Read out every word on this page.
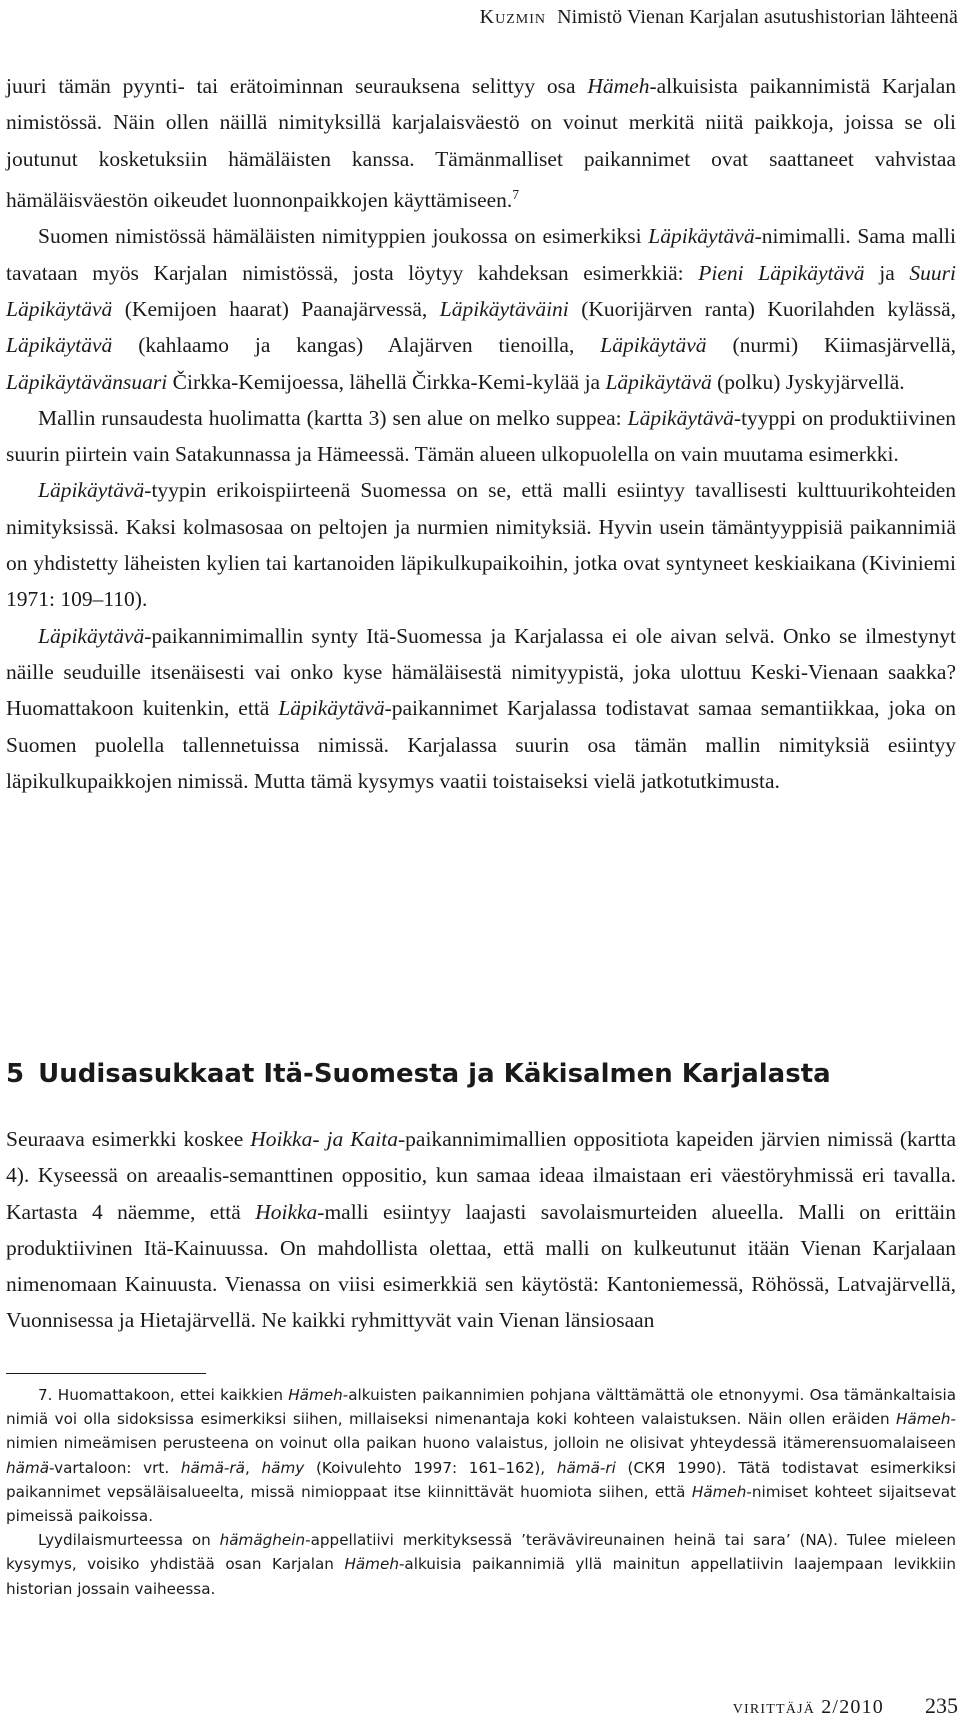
Kuzmin Nimistö Vienan Karjalan asutushistorian lähteenä

juuri tämän pyynti- tai erätoiminnan seurauksena selittyy osa Hämeh-alkuisista paikannimistä Karjalan nimistössä. Näin ollen näillä nimityksillä karjalaisväestö on voinut merkitä niitä paikkoja, joissa se oli joutunut kosketuksiin hämäläisten kanssa. Tämänmalliset paikannimet ovat saattaneet vahvistaa hämäläisväestön oikeudet luonnonpaikkojen käyttämiseen.$^7$

Suomen nimistössä hämäläisten nimityppien joukossa on esimerkiksi Läpikäytävä-nimimalli. Sama malli tavataan myös Karjalan nimistössä, josta löytyy kahdeksan esimerkkiä: Pieni Läpikäytävä ja Suuri Läpikäytävä (Kemijoen haarat) Paanajärvessä, Läpikäytäväini (Kuorijärven ranta) Kuorilahden kylässä, Läpikäytävä (kahlaamo ja kangas) Alajärven tienoilla, Läpikäytävä (nurmi) Kiimasjärvellä, Läpikäytävänsuari Čirkka-Kemijoessa, lähellä Čirkka-Kemi-kylää ja Läpikäytävä (polku) Jyskyjärvellä.

Mallin runsaudesta huolimatta (kartta 3) sen alue on melko suppea: Läpikäytävä-tyyppi on produktiivinen suurin piirtein vain Satakunnassa ja Hämeessä. Tämän alueen ulkopuolella on vain muutama esimerkki.

Läpikäytävä-tyypin erikoispiirteenä Suomessa on se, että malli esiintyy tavallisesti kulttuurikohteiden nimityksissä. Kaksi kolmasosaa on peltojen ja nurmien nimityksiä. Hyvin usein tämäntyyppisiä paikannimiä on yhdistetty läheisten kylien tai kartanoiden läpikulkupaikoihin, jotka ovat syntyneet keskiaikana (Kiviniemi 1971: 109–110).

Läpikäytävä-paikannimimallin synty Itä-Suomessa ja Karjalassa ei ole aivan selvä. Onko se ilmestynyt näille seuduille itsenäisesti vai onko kyse hämäläisestä nimityypistä, joka ulottuu Keski-Vienaan saakka? Huomattakoon kuitenkin, että Läpikäytävä-paikannimet Karjalassa todistavat samaa semantiikkaa, joka on Suomen puolella tallennetuissa nimissä. Karjalassa suurin osa tämän mallin nimityksiä esiintyy läpikulkupaikkojen nimissä. Mutta tämä kysymys vaatii toistaiseksi vielä jatkotutkimusta.

5 Uudisasukkaat Itä-Suomesta ja Käkisalmen Karjalasta

Seuraava esimerkki koskee Hoikka- ja Kaita-paikannimimallien oppositiota kapeiden järvien nimissä (kartta 4). Kyseessä on areaalis-semanttinen oppositio, kun samaa ideaa ilmaistaan eri väestöryhmissä eri tavalla. Kartasta 4 näemme, että Hoikka-malli esiintyy laajasti savolaismurteiden alueella. Malli on erittäin produktiivinen Itä-Kainuussa. On mahdollista olettaa, että malli on kulkeutunut itään Vienan Karjalaan nimenomaan Kainuusta. Vienassa on viisi esimerkkiä sen käytöstä: Kantoniemessä, Röhössä, Latvajärvellä, Vuonnisessa ja Hietajärvellä. Ne kaikki ryhmittyvät vain Vienan länsiosaan

7. Huomattakoon, ettei kaikkien Hämeh-alkuisten paikannimien pohjana välttämättä ole etnonyymi. Osa tämänkaltaisia nimiä voi olla sidoksissa esimerkiksi siihen, millaiseksi nimenantaja koki kohteen valaistuksen. Näin ollen eräiden Hämeh-nimien nimeämisen perusteena on voinut olla paikan huono valaistus, jolloin ne olisivat yhteydessä itämerensuomalaiseen hämä-vartaloon: vrt. hämä-rä, hämy (Koivulehto 1997: 161–162), hämä-ri (СКЯ 1990). Tätä todistavat esimerkiksi paikannimet vepsäläisalueelta, missä nimioppaat itse kiinnittävät huomiota siihen, että Hämeh-nimiset kohteet sijaitsevat pimeissä paikoissa.

Lyydilaismurteessa on hämäghein-appellatiivi merkityksessä ’terävävireunainen heinä tai sara’ (NA). Tulee mieleen kysymys, voisiko yhdistää osan Karjalan Hämeh-alkuisia paikannimiä yllä mainitun appellatiivin laajempaan levikkiin historian jossain vaiheessa.

virittäjä 2/2010 235
